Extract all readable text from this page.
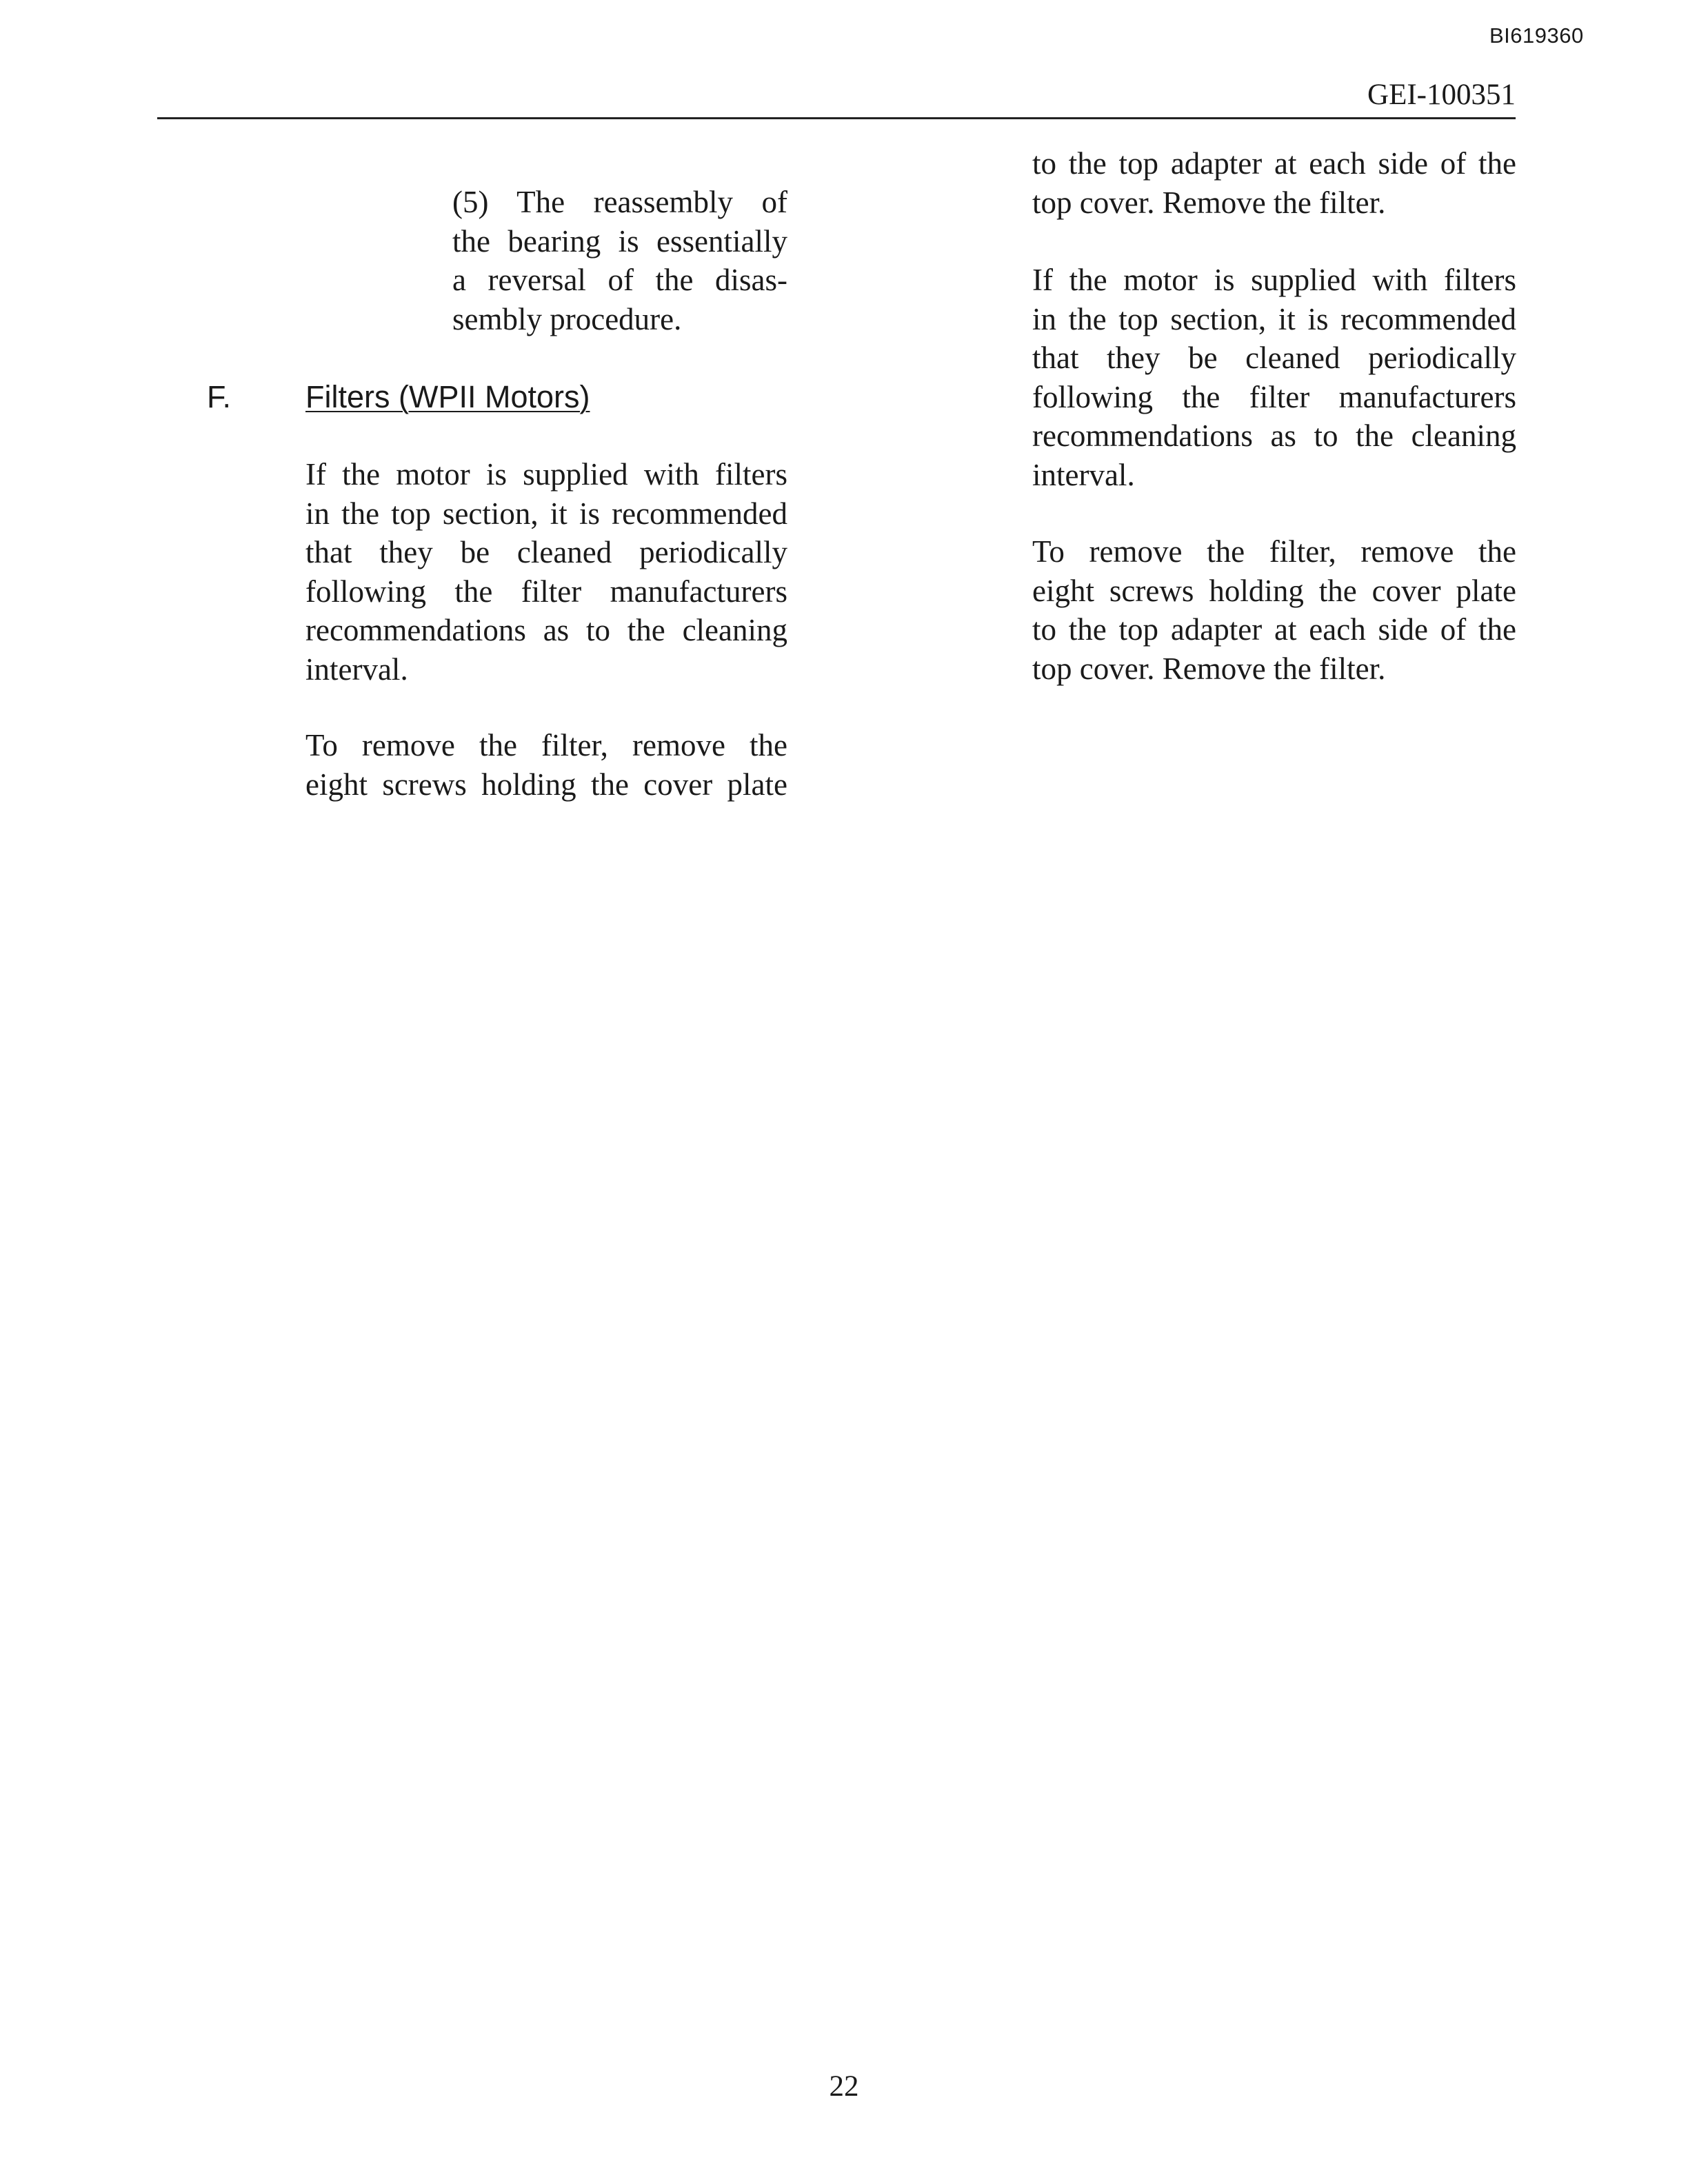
BI619360
GEI-100351
(5) The reassembly of
the bearing is essentially
a reversal of the disas-
sembly procedure.
F. Filters (WPII Motors)
If the motor is supplied with filters
in the top section, it is recommended
that they be cleaned periodically
following the filter manufacturers
recommendations as to the cleaning
interval.
To remove the filter, remove the
eight screws holding the cover plate
to the top adapter at each side of the
top cover. Remove the filter.
If the motor is supplied with filters
in the top section, it is recommended
that they be cleaned periodically
following the filter manufacturers
recommendations as to the cleaning
interval.
To remove the filter, remove the
eight screws holding the cover plate
to the top adapter at each side of the
top cover. Remove the filter.
22
